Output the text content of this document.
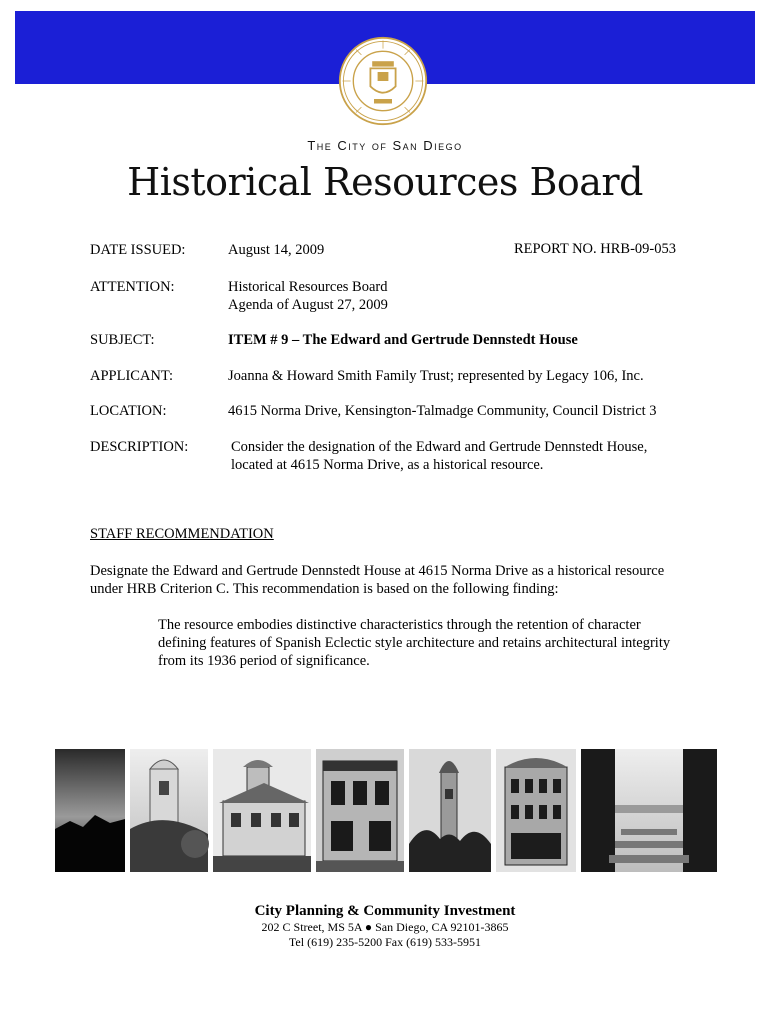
The City of San Diego
Historical Resources Board
DATE ISSUED:	August 14, 2009	REPORT NO. HRB-09-053
ATTENTION:	Historical Resources Board
Agenda of August 27, 2009
SUBJECT:	ITEM # 9 – The Edward and Gertrude Dennstedt House
APPLICANT:	Joanna & Howard Smith Family Trust; represented by Legacy 106, Inc.
LOCATION:	4615 Norma Drive, Kensington-Talmadge Community, Council District 3
DESCRIPTION:	Consider the designation of the Edward and Gertrude Dennstedt House,
located at 4615 Norma Drive, as a historical resource.
STAFF RECOMMENDATION
Designate the Edward and Gertrude Dennstedt House at 4615 Norma Drive as a historical resource under HRB Criterion C. This recommendation is based on the following finding:
The resource embodies distinctive characteristics through the retention of character defining features of Spanish Eclectic style architecture and retains architectural integrity from its 1936 period of significance.
City Planning & Community Investment
202 C Street, MS 5A ● San Diego, CA 92101-3865
Tel (619) 235-5200 Fax (619) 533-5951
